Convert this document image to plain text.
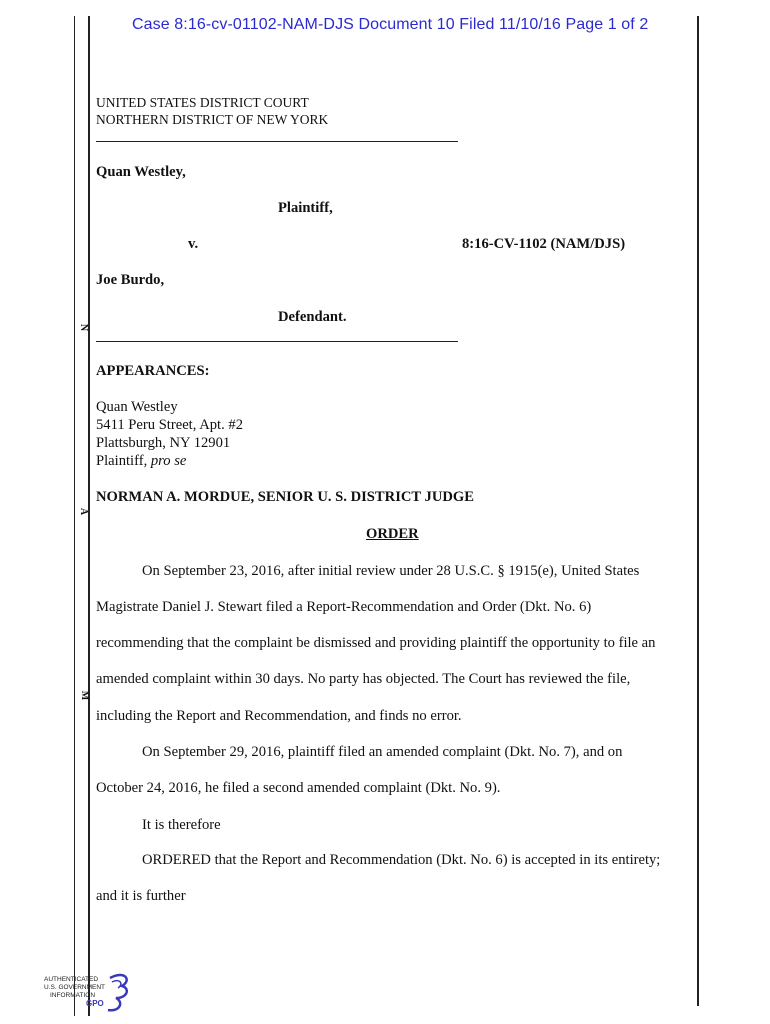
Case 8:16-cv-01102-NAM-DJS Document 10 Filed 11/10/16 Page 1 of 2
N
A
M
UNITED STATES DISTRICT COURT
NORTHERN DISTRICT OF NEW YORK
Quan Westley,
Plaintiff,
v.	8:16-CV-1102 (NAM/DJS)
Joe Burdo,
Defendant.
APPEARANCES:
Quan Westley
5411 Peru Street, Apt. #2
Plattsburgh, NY 12901
Plaintiff, pro se
NORMAN A. MORDUE, SENIOR U. S. DISTRICT JUDGE
ORDER
On September 23, 2016, after initial review under 28 U.S.C. § 1915(e), United States
Magistrate Daniel J. Stewart filed a Report-Recommendation and Order (Dkt. No. 6)
recommending that the complaint be dismissed and providing plaintiff the opportunity to file an
amended complaint within 30 days. No party has objected. The Court has reviewed the file,
including the Report and Recommendation, and finds no error.
On September 29, 2016, plaintiff filed an amended complaint (Dkt. No. 7), and on
October 24, 2016, he filed a second amended complaint (Dkt. No. 9).
It is therefore
ORDERED that the Report and Recommendation (Dkt. No. 6) is accepted in its entirety;
and it is further
AUTHENTICATED
U.S. GOVERNMENT
INFORMATION
GPO
